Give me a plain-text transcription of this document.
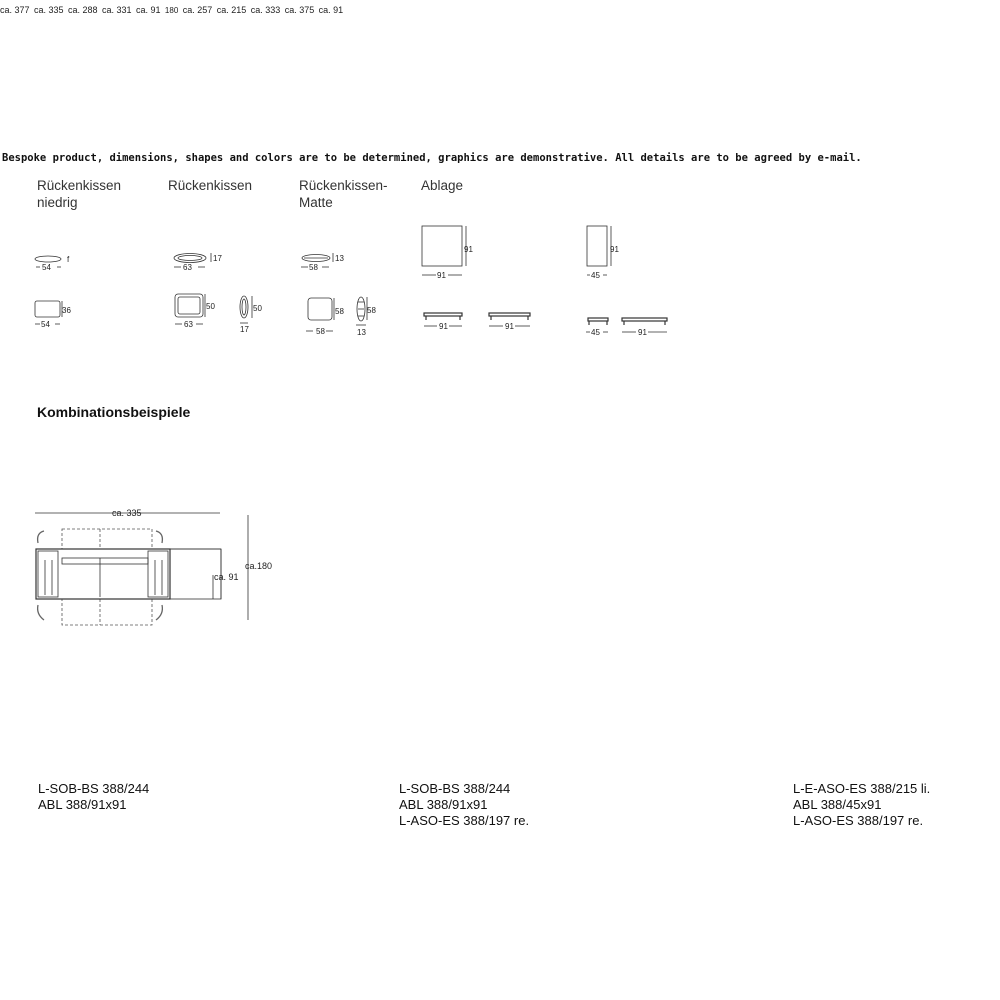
Bespoke product, dimensions, shapes and colors are to be determined, graphics are demonstrative. All details are to be agreed by e-mail.
Rückenkissen
niedrig
Rückenkissen	Rückenkissen-
Matte
Ablage
Kombinationsbeispiele
54
f
63
17
58
13
91
91
91
45
36
54
50
63
50
17
58
58
58
13
91	91
45	91
ca. 335
ca. 91
ca.180
ca. 377 ca. 335 ca. 288 ca. 331 ca. 91 180 ca. 257 ca. 215 ca. 333 ca. 375 ca. 91
L-SOB-BS 388/244
ABL 388/91x91
L-SOB-BS 388/244
ABL 388/91x91
L-ASO-ES 388/197 re.
L-E-ASO-ES 388/215 li.
ABL 388/45x91
L-ASO-ES 388/197 re.
